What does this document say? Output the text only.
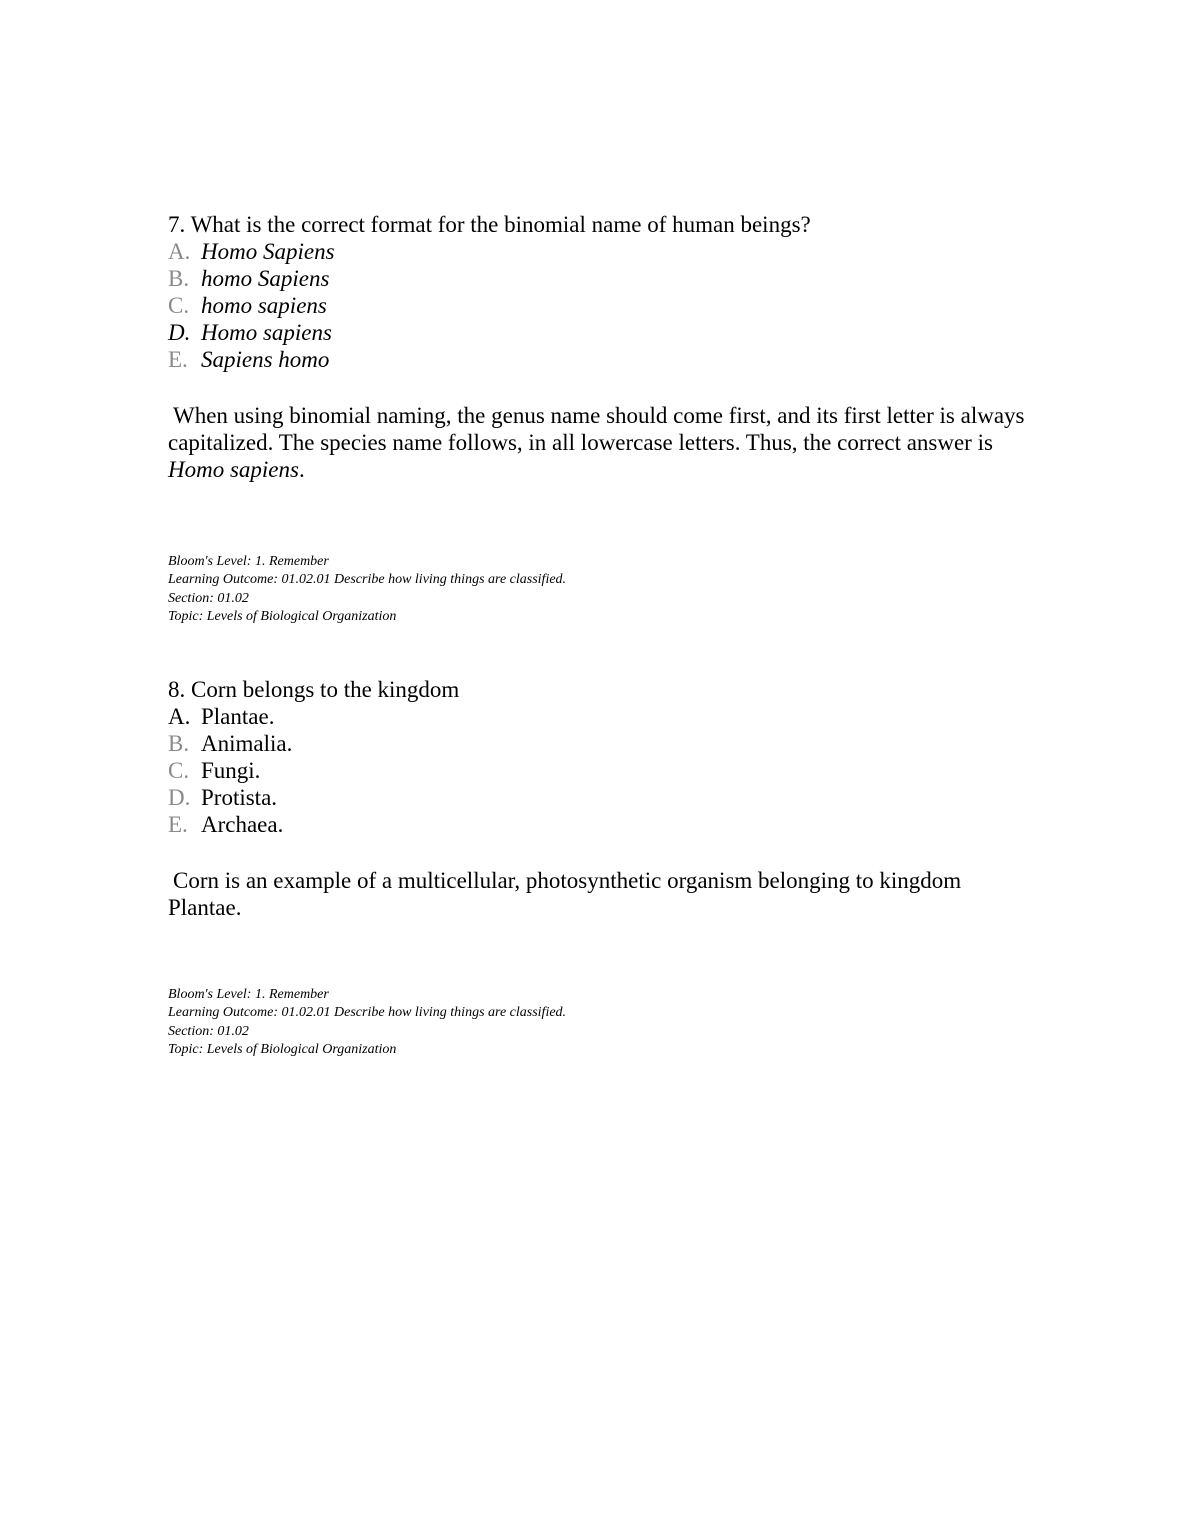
7. What is the correct format for the binomial name of human beings?
A. Homo Sapiens
B. homo Sapiens
C. homo sapiens
D. Homo sapiens
E. Sapiens homo
When using binomial naming, the genus name should come first, and its first letter is always capitalized. The species name follows, in all lowercase letters. Thus, the correct answer is
Homo sapiens.
Bloom's Level: 1. Remember
Learning Outcome: 01.02.01 Describe how living things are classified.
Section: 01.02
Topic: Levels of Biological Organization
8. Corn belongs to the kingdom
A. Plantae.
B. Animalia.
C. Fungi.
D. Protista.
E. Archaea.
Corn is an example of a multicellular, photosynthetic organism belonging to kingdom Plantae.
Bloom's Level: 1. Remember
Learning Outcome: 01.02.01 Describe how living things are classified.
Section: 01.02
Topic: Levels of Biological Organization
